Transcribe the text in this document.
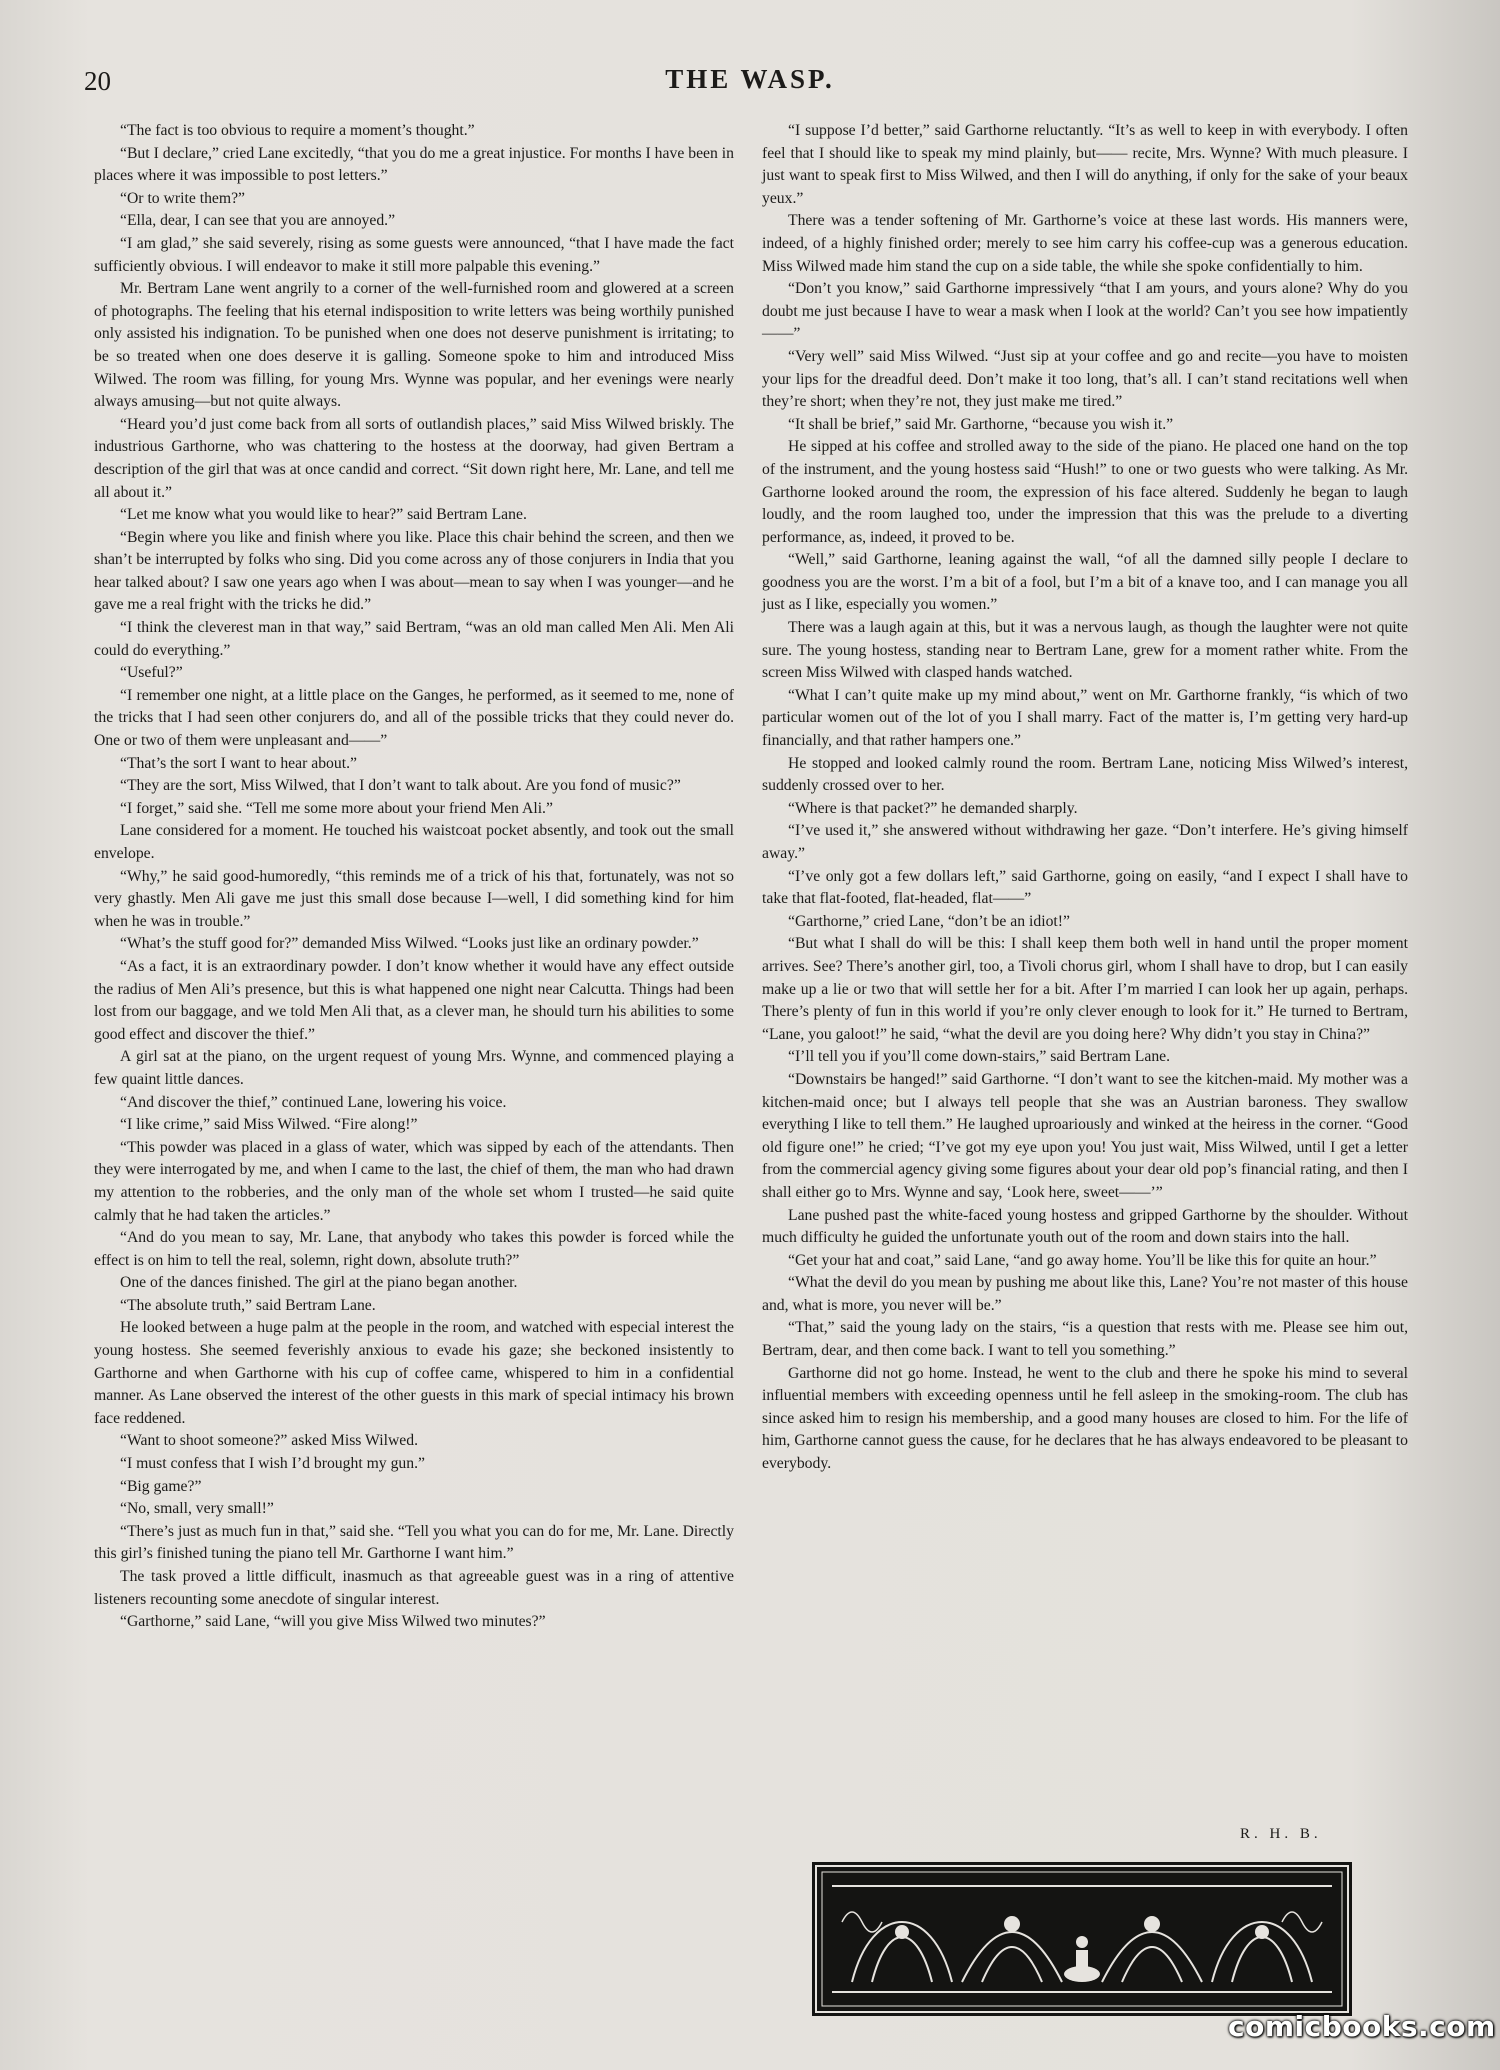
20	THE WASP.

“The fact is too obvious to require a moment’s thought.”

“But I declare,” cried Lane excitedly, “that you do me a great injustice. For months I have been in places where it was impossible to post letters.”

“Or to write them?”

“Ella, dear, I can see that you are annoyed.”

“I am glad,” she said severely, rising as some guests were announced, “that I have made the fact sufficiently obvious. I will endeavor to make it still more palpable this evening.”

Mr. Bertram Lane went angrily to a corner of the well-furnished room and glowered at a screen of photographs. The feeling that his eternal indisposition to write letters was being worthily punished only assisted his indignation. To be punished when one does not deserve punishment is irritating; to be so treated when one does deserve it is galling. Someone spoke to him and introduced Miss Wilwed. The room was filling, for young Mrs. Wynne was popular, and her evenings were nearly always amusing—but not quite always.

“Heard you’d just come back from all sorts of outlandish places,” said Miss Wilwed briskly. The industrious Garthorne, who was chattering to the hostess at the doorway, had given Bertram a description of the girl that was at once candid and correct. “Sit down right here, Mr. Lane, and tell me all about it.”

“Let me know what you would like to hear?” said Bertram Lane.

“Begin where you like and finish where you like. Place this chair behind the screen, and then we shan’t be interrupted by folks who sing. Did you come across any of those conjurers in India that you hear talked about? I saw one years ago when I was about—mean to say when I was younger—and he gave me a real fright with the tricks he did.”

“I think the cleverest man in that way,” said Bertram, “was an old man called Men Ali. Men Ali could do everything.”

“Useful?”

“I remember one night, at a little place on the Ganges, he performed, as it seemed to me, none of the tricks that I had seen other conjurers do, and all of the possible tricks that they could never do. One or two of them were unpleasant and——”

“That’s the sort I want to hear about.”

“They are the sort, Miss Wilwed, that I don’t want to talk about. Are you fond of music?”

“I forget,” said she. “Tell me some more about your friend Men Ali.”

Lane considered for a moment. He touched his waistcoat pocket absently, and took out the small envelope.

“Why,” he said good-humoredly, “this reminds me of a trick of his that, fortunately, was not so very ghastly. Men Ali gave me just this small dose because I—well, I did something kind for him when he was in trouble.”

“What’s the stuff good for?” demanded Miss Wilwed. “Looks just like an ordinary powder.”

“As a fact, it is an extraordinary powder. I don’t know whether it would have any effect outside the radius of Men Ali’s presence, but this is what happened one night near Calcutta. Things had been lost from our baggage, and we told Men Ali that, as a clever man, he should turn his abilities to some good effect and discover the thief.”

A girl sat at the piano, on the urgent request of young Mrs. Wynne, and commenced playing a few quaint little dances.

“And discover the thief,” continued Lane, lowering his voice.

“I like crime,” said Miss Wilwed. “Fire along!”

“This powder was placed in a glass of water, which was sipped by each of the attendants. Then they were interrogated by me, and when I came to the last, the chief of them, the man who had drawn my attention to the robberies, and the only man of the whole set whom I trusted—he said quite calmly that he had taken the articles.”

“And do you mean to say, Mr. Lane, that anybody who takes this powder is forced while the effect is on him to tell the real, solemn, right down, absolute truth?”

One of the dances finished. The girl at the piano began another.

“The absolute truth,” said Bertram Lane.

He looked between a huge palm at the people in the room, and watched with especial interest the young hostess. She seemed feverishly anxious to evade his gaze; she beckoned insistently to Garthorne and when Garthorne with his cup of coffee came, whispered to him in a confidential manner. As Lane observed the interest of the other guests in this mark of special intimacy his brown face reddened.

“Want to shoot someone?” asked Miss Wilwed.

“I must confess that I wish I’d brought my gun.”

“Big game?”

“No, small, very small!”

“There’s just as much fun in that,” said she. “Tell you what you can do for me, Mr. Lane. Directly this girl’s finished tuning the piano tell Mr. Garthorne I want him.”

The task proved a little difficult, inasmuch as that agreeable guest was in a ring of attentive listeners recounting some anecdote of singular interest.

“Garthorne,” said Lane, “will you give Miss Wilwed two minutes?”

“I suppose I’d better,” said Garthorne reluctantly. “It’s as well to keep in with everybody. I often feel that I should like to speak my mind plainly, but—— recite, Mrs. Wynne? With much pleasure. I just want to speak first to Miss Wilwed, and then I will do anything, if only for the sake of your beaux yeux.”

There was a tender softening of Mr. Garthorne’s voice at these last words. His manners were, indeed, of a highly finished order; merely to see him carry his coffee-cup was a generous education. Miss Wilwed made him stand the cup on a side table, the while she spoke confidentially to him.

“Don’t you know,” said Garthorne impressively “that I am yours, and yours alone? Why do you doubt me just because I have to wear a mask when I look at the world? Can’t you see how impatiently——”

“Very well” said Miss Wilwed. “Just sip at your coffee and go and recite—you have to moisten your lips for the dreadful deed. Don’t make it too long, that’s all. I can’t stand recitations well when they’re short; when they’re not, they just make me tired.”

“It shall be brief,” said Mr. Garthorne, “because you wish it.”

He sipped at his coffee and strolled away to the side of the piano. He placed one hand on the top of the instrument, and the young hostess said “Hush!” to one or two guests who were talking. As Mr. Garthorne looked around the room, the expression of his face altered. Suddenly he began to laugh loudly, and the room laughed too, under the impression that this was the prelude to a diverting performance, as, indeed, it proved to be.

“Well,” said Garthorne, leaning against the wall, “of all the damned silly people I declare to goodness you are the worst. I’m a bit of a fool, but I’m a bit of a knave too, and I can manage you all just as I like, especially you women.”

There was a laugh again at this, but it was a nervous laugh, as though the laughter were not quite sure. The young hostess, standing near to Bertram Lane, grew for a moment rather white. From the screen Miss Wilwed with clasped hands watched.

“What I can’t quite make up my mind about,” went on Mr. Garthorne frankly, “is which of two particular women out of the lot of you I shall marry. Fact of the matter is, I’m getting very hard-up financially, and that rather hampers one.”

He stopped and looked calmly round the room. Bertram Lane, noticing Miss Wilwed’s interest, suddenly crossed over to her.

“Where is that packet?” he demanded sharply.

“I’ve used it,” she answered without withdrawing her gaze. “Don’t interfere. He’s giving himself away.”

“I’ve only got a few dollars left,” said Garthorne, going on easily, “and I expect I shall have to take that flat-footed, flat-headed, flat——”

“Garthorne,” cried Lane, “don’t be an idiot!”

“But what I shall do will be this: I shall keep them both well in hand until the proper moment arrives. See? There’s another girl, too, a Tivoli chorus girl, whom I shall have to drop, but I can easily make up a lie or two that will settle her for a bit. After I’m married I can look her up again, perhaps. There’s plenty of fun in this world if you’re only clever enough to look for it.” He turned to Bertram, “Lane, you galoot!” he said, “what the devil are you doing here? Why didn’t you stay in China?”

“I’ll tell you if you’ll come down-stairs,” said Bertram Lane.

“Downstairs be hanged!” said Garthorne. “I don’t want to see the kitchen-maid. My mother was a kitchen-maid once; but I always tell people that she was an Austrian baroness. They swallow everything I like to tell them.” He laughed uproariously and winked at the heiress in the corner. “Good old figure one!” he cried; “I’ve got my eye upon you! You just wait, Miss Wilwed, until I get a letter from the commercial agency giving some figures about your dear old pop’s financial rating, and then I shall either go to Mrs. Wynne and say, ‘Look here, sweet——’”

Lane pushed past the white-faced young hostess and gripped Garthorne by the shoulder. Without much difficulty he guided the unfortunate youth out of the room and down stairs into the hall.

“Get your hat and coat,” said Lane, “and go away home. You’ll be like this for quite an hour.”

“What the devil do you mean by pushing me about like this, Lane? You’re not master of this house and, what is more, you never will be.”

“That,” said the young lady on the stairs, “is a question that rests with me. Please see him out, Bertram, dear, and then come back. I want to tell you something.”

Garthorne did not go home. Instead, he went to the club and there he spoke his mind to several influential members with exceeding openness until he fell asleep in the smoking-room. The club has since asked him to resign his membership, and a good many houses are closed to him. For the life of him, Garthorne cannot guess the cause, for he declares that he has always endeavored to be pleasant to everybody.

R. H. B.
comicbooks.com
